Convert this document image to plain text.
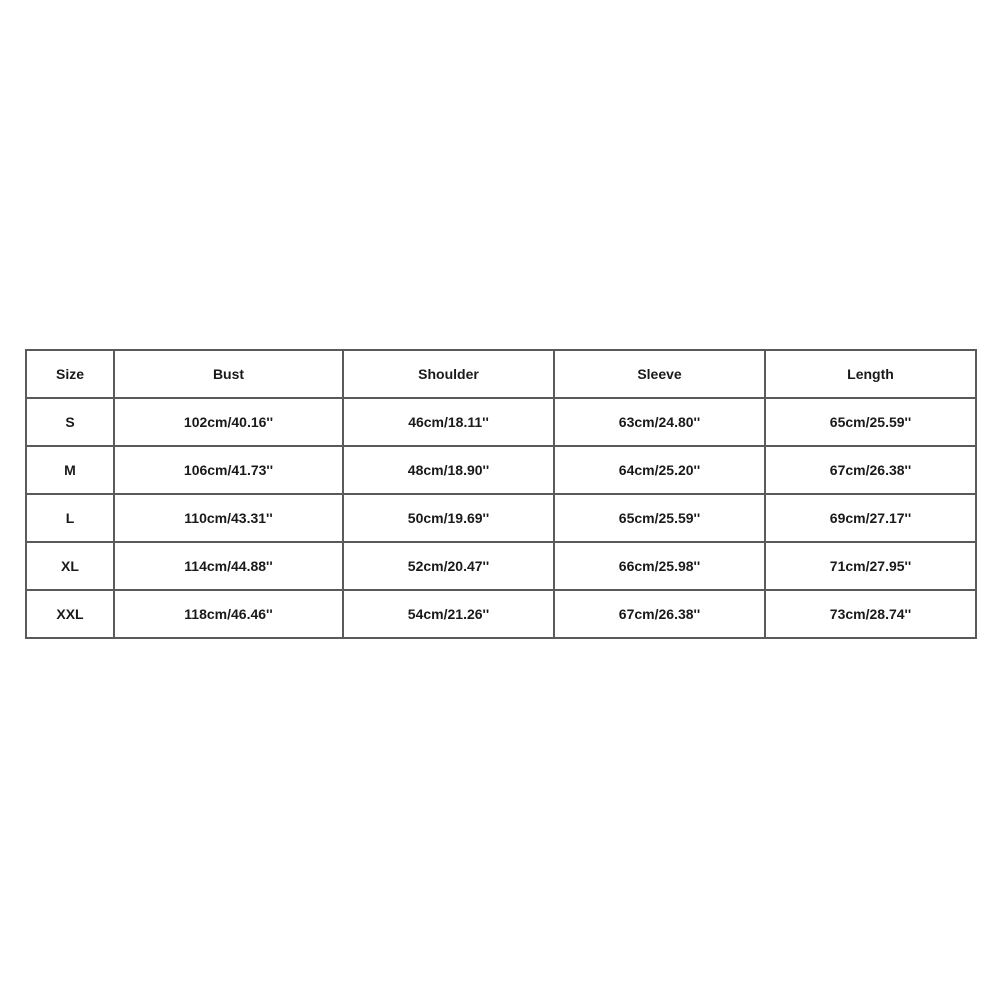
Size	Bust	Shoulder	Sleeve	Length
S	102cm/40.16''	46cm/18.11''	63cm/24.80''	65cm/25.59''
M	106cm/41.73''	48cm/18.90''	64cm/25.20''	67cm/26.38''
L	110cm/43.31''	50cm/19.69''	65cm/25.59''	69cm/27.17''
XL	114cm/44.88''	52cm/20.47''	66cm/25.98''	71cm/27.95''
XXL	118cm/46.46''	54cm/21.26''	67cm/26.38''	73cm/28.74''
